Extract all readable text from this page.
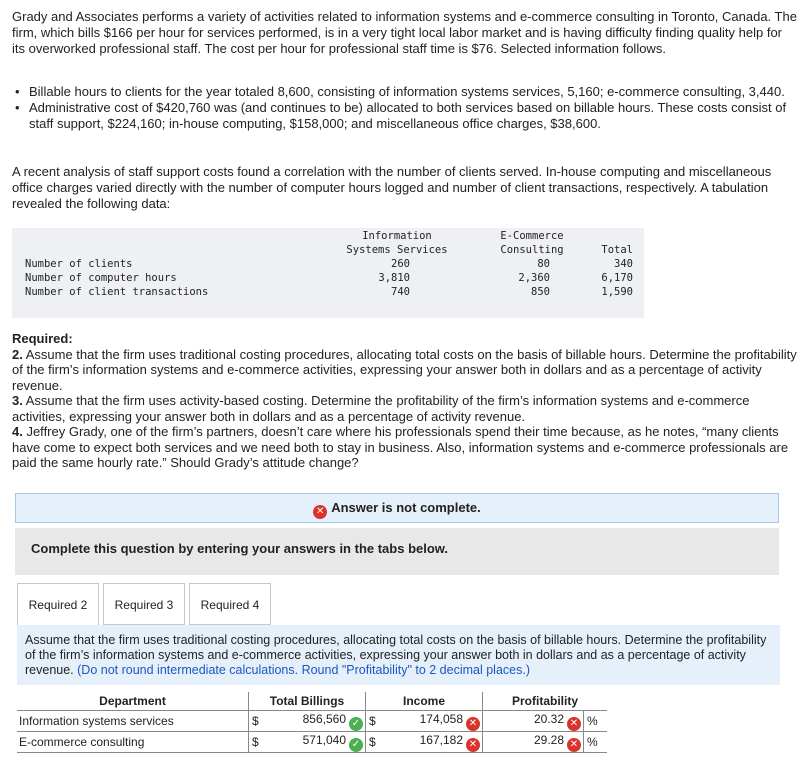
Grady and Associates performs a variety of activities related to information systems and e-commerce consulting in Toronto, Canada. The firm, which bills $166 per hour for services performed, is in a very tight local labor market and is having difficulty finding quality help for its overworked professional staff. The cost per hour for professional staff time is $76. Selected information follows.

• Billable hours to clients for the year totaled 8,600, consisting of information systems services, 5,160; e-commerce consulting, 3,440.
• Administrative cost of $420,760 was (and continues to be) allocated to both services based on billable hours. These costs consist of staff support, $224,160; in-house computing, $158,000; and miscellaneous office charges, $38,600.

A recent analysis of staff support costs found a correlation with the number of clients served. In-house computing and miscellaneous office charges varied directly with the number of computer hours logged and number of client transactions, respectively. A tabulation revealed the following data:

Information
Systems Services
E-Commerce
Consulting	Total
Number of clients	260	80	340
Number of computer hours	3,810	2,360	6,170
Number of client transactions	740	850	1,590

Required:

2. Assume that the firm uses traditional costing procedures, allocating total costs on the basis of billable hours. Determine the profitability of the firm’s information systems and e-commerce activities, expressing your answer both in dollars and as a percentage of activity revenue.

3. Assume that the firm uses activity-based costing. Determine the profitability of the firm’s information systems and e-commerce activities, expressing your answer both in dollars and as a percentage of activity revenue.

4. Jeffrey Grady, one of the firm’s partners, doesn’t care where his professionals spend their time because, as he notes, “many clients have come to expect both services and we need both to stay in business. Also, information systems and e-commerce professionals are paid the same hourly rate.” Should Grady’s attitude change?

✕ Answer is not complete.
Complete this question by entering your answers in the tabs below.
Required 2	Required 3	Required 4
Assume that the firm uses traditional costing procedures, allocating total costs on the basis of billable hours. Determine the profitability of the firm’s information systems and e-commerce activities, expressing your answer both in dollars and as a percentage of activity revenue. (Do not round intermediate calculations. Round "Profitability" to 2 decimal places.)
Department	Total Billings		Income		Profitability	
Information systems services	$	856,560 ✓	$	174,058 ✕	20.32 ✕	%
E-commerce consulting	$	571,040 ✓	$	167,182 ✕	29.28 ✕	%
